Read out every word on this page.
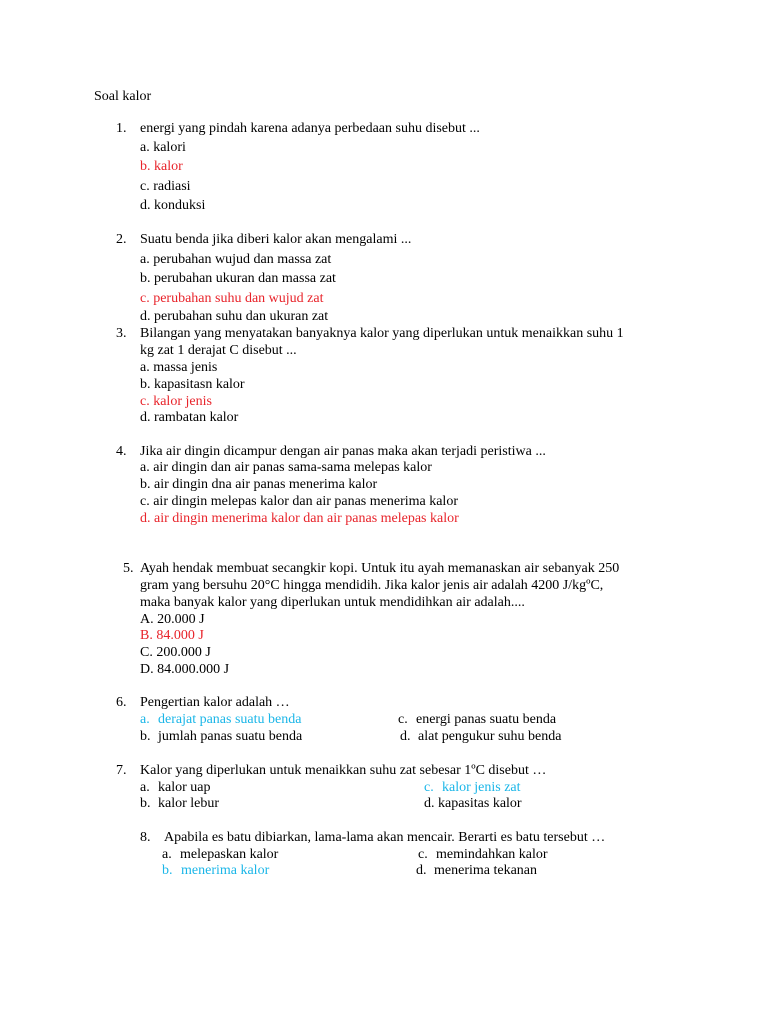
Soal kalor
1. energi yang pindah karena adanya perbedaan suhu disebut ...
a. kalori
b. kalor
c. radiasi
d. konduksi
2. Suatu benda jika diberi kalor akan mengalami ...
a. perubahan wujud dan massa zat
b. perubahan ukuran dan massa zat
c. perubahan suhu dan wujud zat
d. perubahan suhu dan ukuran zat
3. Bilangan yang menyatakan banyaknya kalor yang diperlukan untuk menaikkan suhu 1
kg zat 1 derajat C disebut ...
a. massa jenis
b. kapasitasn kalor
c. kalor jenis
d. rambatan kalor
4. Jika air dingin dicampur dengan air panas maka akan terjadi peristiwa ...
a. air dingin dan air panas sama-sama melepas kalor
b. air dingin dna air panas menerima kalor
c. air dingin melepas kalor dan air panas menerima kalor
d. air dingin menerima kalor dan air panas melepas kalor
5. Ayah hendak membuat secangkir kopi. Untuk itu ayah memanaskan air sebanyak 250
gram yang bersuhu 20°C hingga mendidih. Jika kalor jenis air adalah 4200 J/kgºC,
maka banyak kalor yang diperlukan untuk mendidihkan air adalah....
A. 20.000 J
B. 84.000 J
C. 200.000 J
D. 84.000.000 J
6. Pengertian kalor adalah …
a. derajat panas suatu benda	c. energi panas suatu benda
b. jumlah panas suatu benda	d. alat pengukur suhu benda
7. Kalor yang diperlukan untuk menaikkan suhu zat sebesar 1ºC disebut …
a. kalor uap	c. kalor jenis zat
b. kalor lebur	d. kapasitas kalor
8. Apabila es batu dibiarkan, lama-lama akan mencair. Berarti es batu tersebut …
a. melepaskan kalor	c. memindahkan kalor
b. menerima kalor	d. menerima tekanan
